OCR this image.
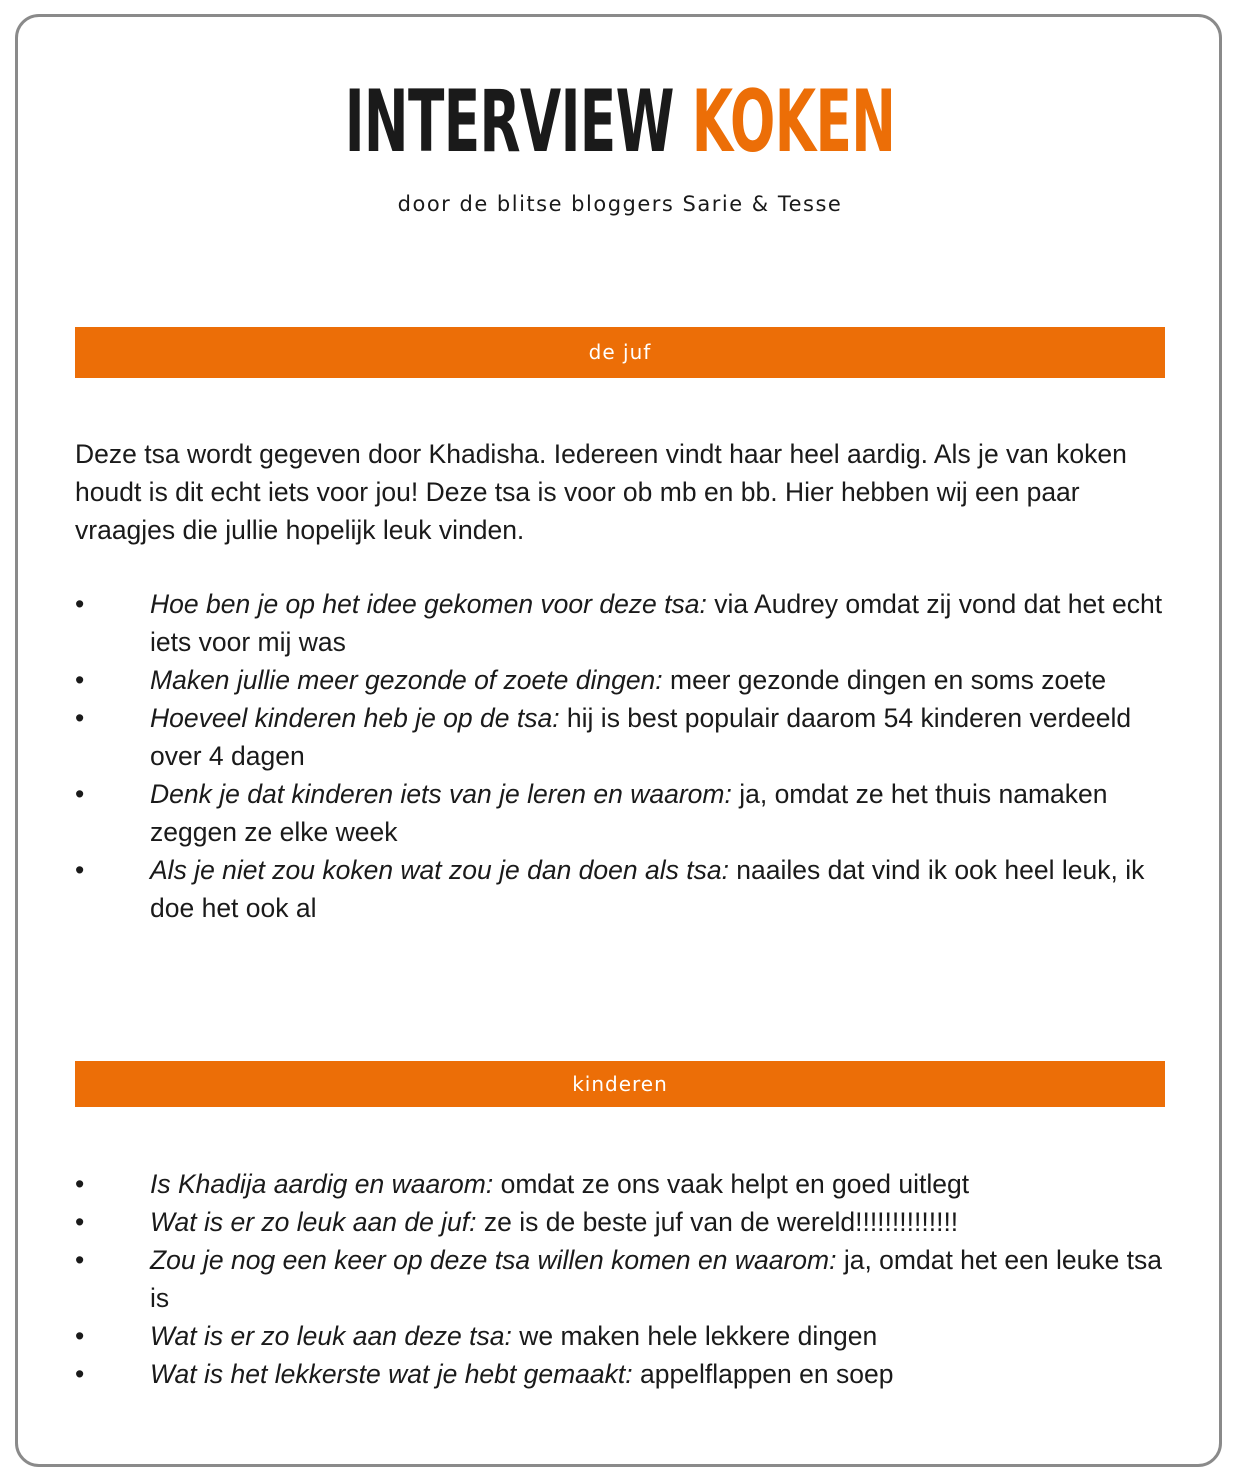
INTERVIEW KOKEN
door de blitse bloggers Sarie & Tesse
de juf

Deze tsa wordt gegeven door Khadisha. Iedereen vindt haar heel aardig. Als je van koken houdt is dit echt iets voor jou! Deze tsa is voor ob mb en bb. Hier hebben wij een paar vraagjes die jullie hopelijk leuk vinden.

• Hoe ben je op het idee gekomen voor deze tsa: via Audrey omdat zij vond dat het echt iets voor mij was
• Maken jullie meer gezonde of zoete dingen: meer gezonde dingen en soms zoete
• Hoeveel kinderen heb je op de tsa: hij is best populair daarom 54 kinderen verdeeld over 4 dagen
• Denk je dat kinderen iets van je leren en waarom: ja, omdat ze het thuis namaken zeggen ze elke week
• Als je niet zou koken wat zou je dan doen als tsa: naailes dat vind ik ook heel leuk, ik doe het ook al
kinderen
• Is Khadija aardig en waarom: omdat ze ons vaak helpt en goed uitlegt
• Wat is er zo leuk aan de juf: ze is de beste juf van de wereld!!!!!!!!!!!!!!
• Zou je nog een keer op deze tsa willen komen en waarom: ja, omdat het een leuke tsa is
• Wat is er zo leuk aan deze tsa: we maken hele lekkere dingen
• Wat is het lekkerste wat je hebt gemaakt: appelflappen en soep
